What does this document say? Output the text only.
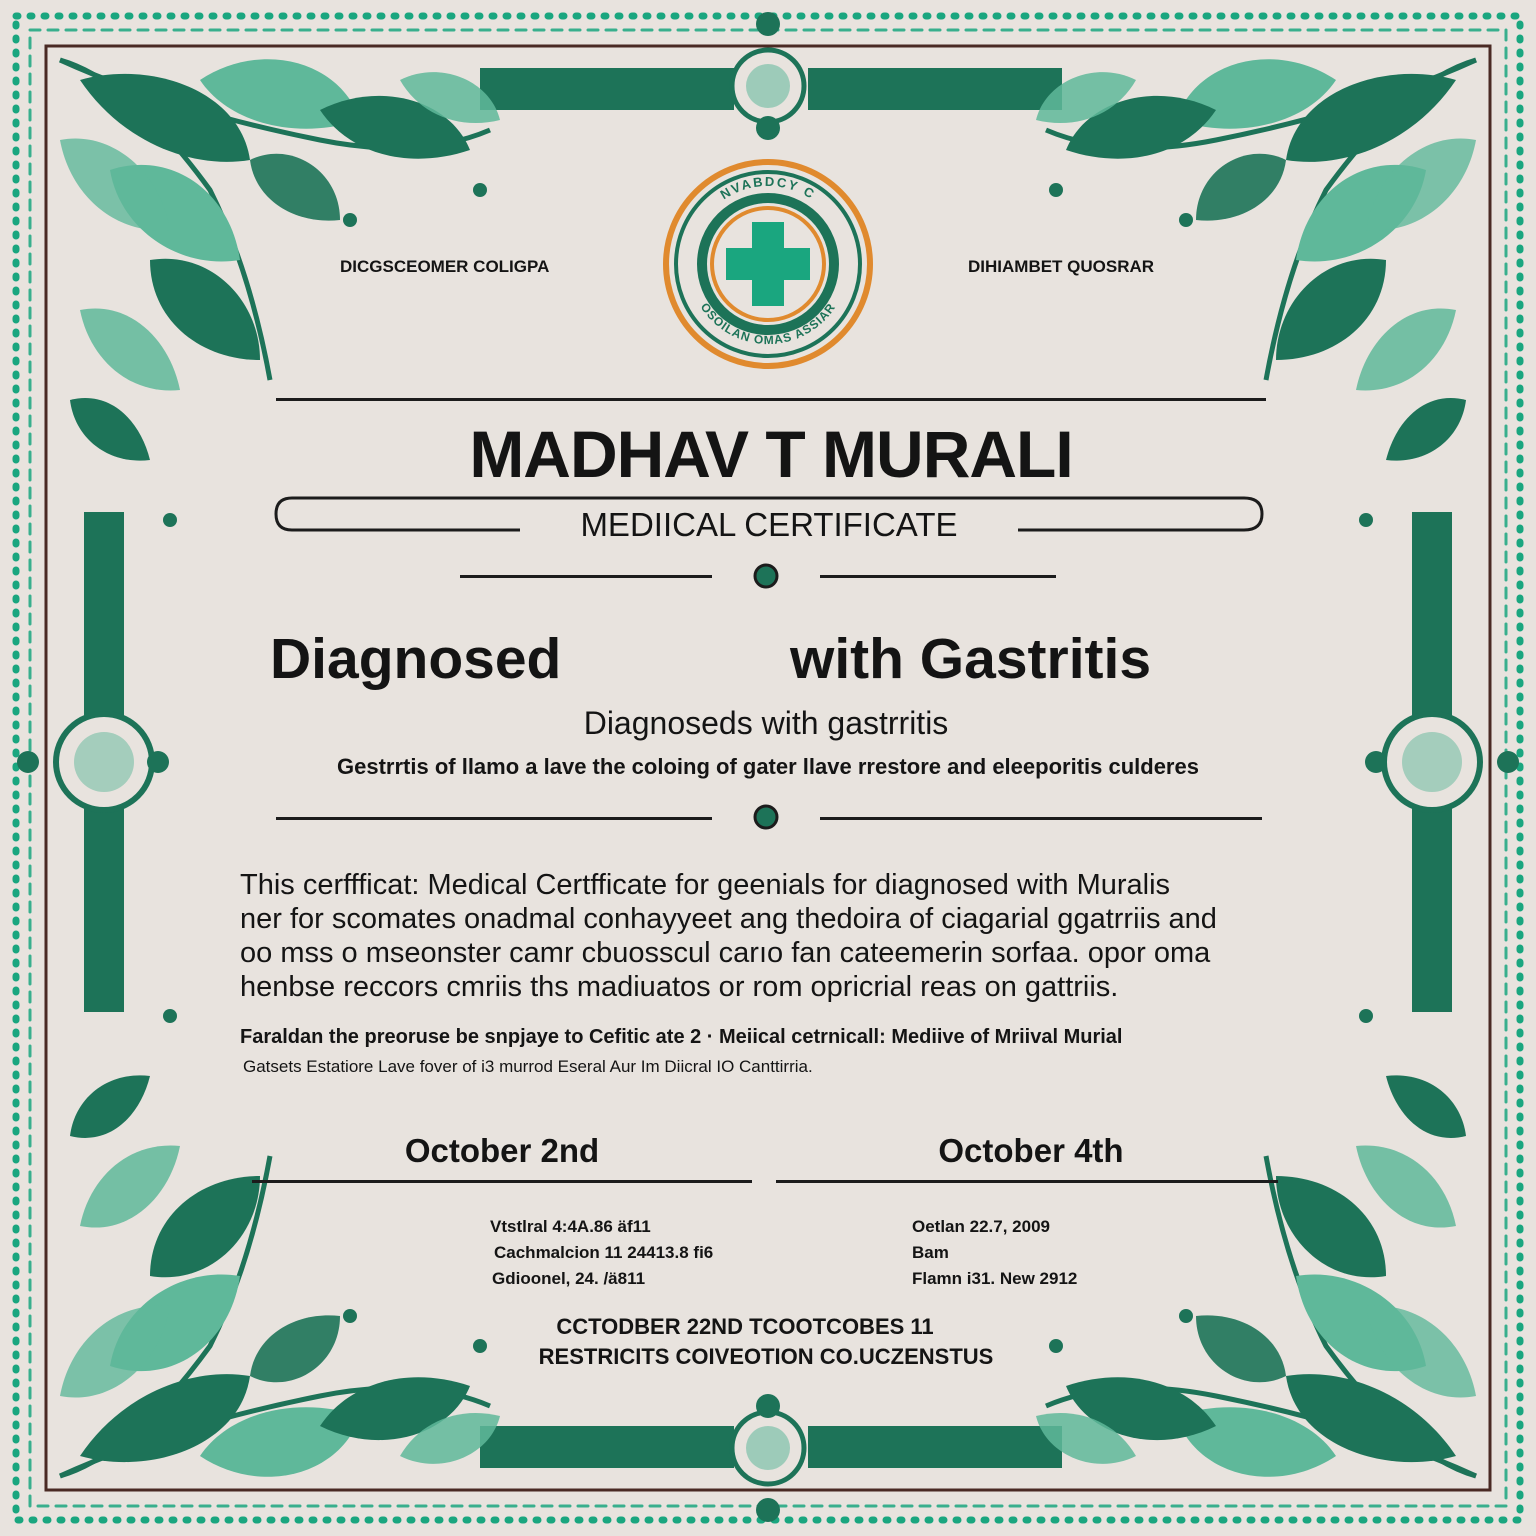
NVABDCY C
OSOILAN OMAS ASSIAR
DICGSCEOMER COLIGPA	DIHIAMBET QUOSRAR
MADHAV T MURALI
MEDIICAL CERTIFICATE
Diagnosed	with Gastritis
Diagnoseds with gastrritis
Gestrrtis of llamo a lave the coloing of gater llave rrestore and eleeporitis culderes
This cerffficat: Medical Certfficate for geenials for diagnosed with Muralis
ner for scomates onadmal conhayyeet ang thedoira of ciagarial ggatrriis and
oo mss o mseonster camr cbuosscul carıo fan cateemerin sorfaa. opor oma
henbse reccors cmriis ths madiuatos or rom opricrial reas on gattriis.
Faraldan the preoruse be snpjaye to Cefitic ate 2 · Meiical cetrnicall: Mediive of Mriival Murial
Gatsets Estatiore Lave fover of i3 murrod Eseral Aur Im Diicral IO Canttirria.
October 2nd	October 4th
Vtstlral 4:4A.86 äf11
Cachmalcion 11 24413.8 fi6
Gdioonel, 24. /ä811
Oetlan 22.7, 2009
Bam
Flamn i31. New 2912
CCTODBER 22ND TCOOTCOBES 11
RESTRICITS COIVEOTION CO.UCZENSTUS
